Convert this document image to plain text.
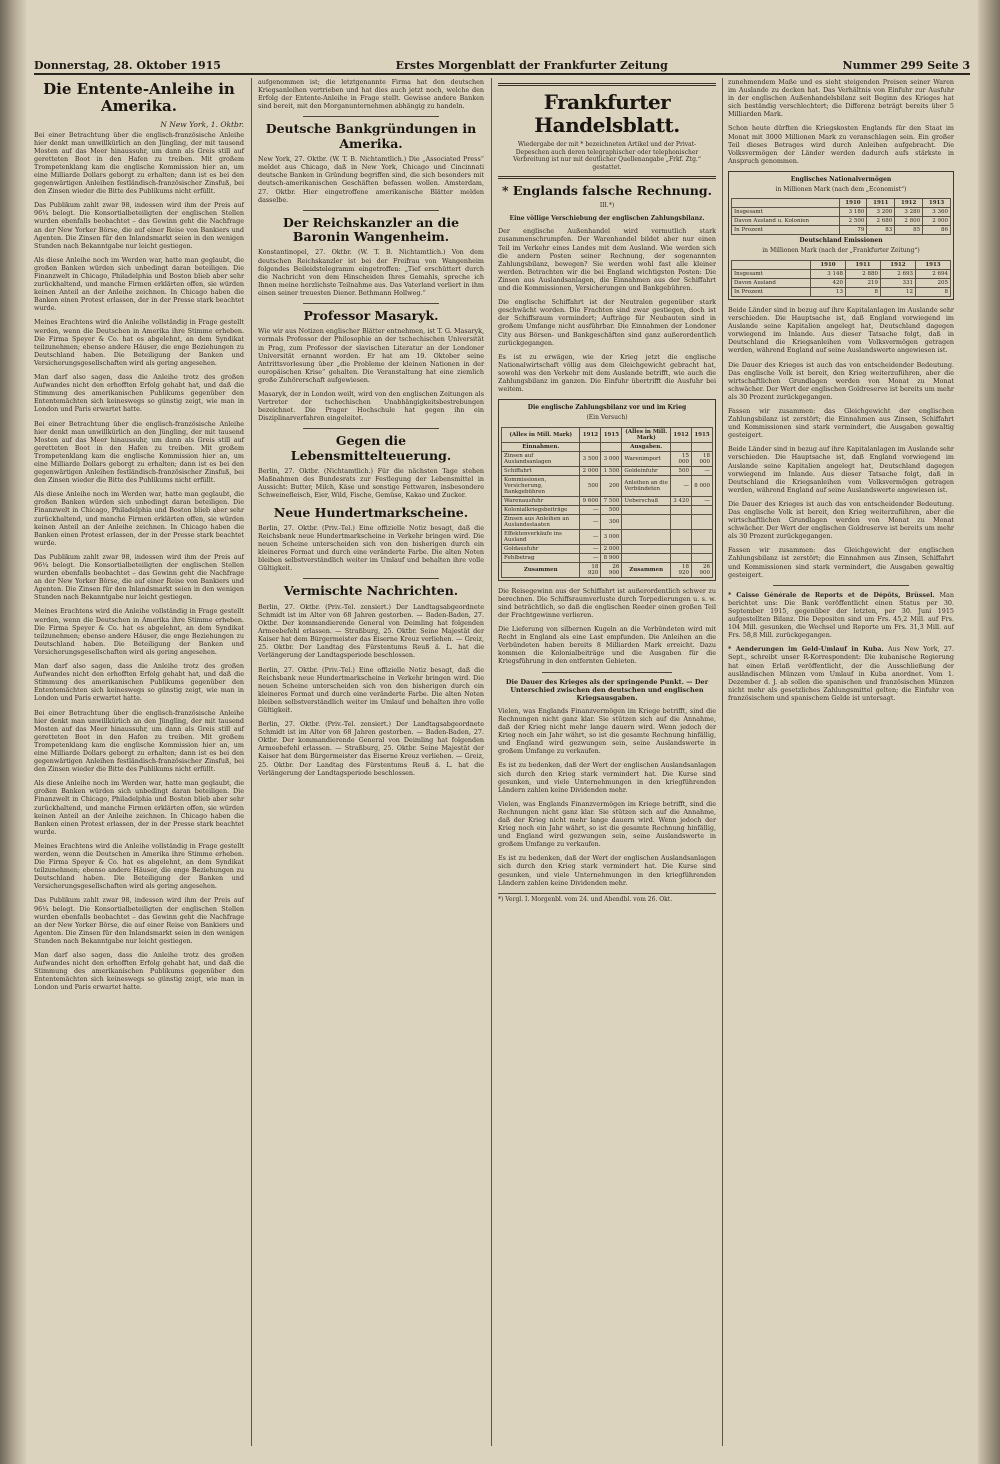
Donnerstag, 28. Oktober 1915	Erstes Morgenblatt der Frankfurter Zeitung	Nummer 299 Seite 3
Die Entente-Anleihe in Amerika.
N New York, 1. Oktbr.

Bei einer Betrachtung über die englisch-französische Anleihe hier denkt man unwillkürlich an den Jüngling, der mit tausend Mosten auf das Meer hinaussuhr, um dann als Greis still auf geretteten Boot in den Hafen zu treiben. Mit großem Trompetenklang kam die englische Kommission hier an, um eine Milliarde Dollars geborgt zu erhalten; dann ist es bei den gegenwärtigen Anleihen festländisch-französischer Zinsfuß, bei den Zinsen wieder die Bitte des Publikums nicht erfüllt.

Das Publikum zahlt zwar 98, indessen wird ihm der Preis auf 96¼ belegt. Die Konsortialbeteiligten der englischen Stellen wurden ebenfalls beobachtet – das Gewinn geht die Nachfrage an der New Yorker Börse, die auf einer Reise von Bankiers und Agenten. Die Zinsen für den Inlandsmarkt seien in den wenigen Stunden nach Bekanntgabe nur leicht gestiegen.

Als diese Anleihe noch im Werden war, hatte man geglaubt, die großen Banken würden sich unbedingt daran beteiligen. Die Finanzwelt in Chicago, Philadelphia und Boston blieb aber sehr zurückhaltend, und manche Firmen erklärten offen, sie würden keinen Anteil an der Anleihe zeichnen. In Chicago haben die Banken einen Protest erlassen, der in der Presse stark beachtet wurde.

Meines Erachtens wird die Anleihe vollständig in Frage gestellt werden, wenn die Deutschen in Amerika ihre Stimme erheben. Die Firma Speyer & Co. hat es abgelehnt, an dem Syndikat teilzunehmen; ebenso andere Häuser, die enge Beziehungen zu Deutschland haben. Die Beteiligung der Banken und Versicherungsgesellschaften wird als gering angesehen.

Man darf also sagen, dass die Anleihe trotz des großen Aufwandes nicht den erhofften Erfolg gehabt hat, und daß die Stimmung des amerikanischen Publikums gegenüber den Ententemächten sich keineswegs so günstig zeigt, wie man in London und Paris erwartet hatte.

Bei einer Betrachtung über die englisch-französische Anleihe hier denkt man unwillkürlich an den Jüngling, der mit tausend Mosten auf das Meer hinaussuhr, um dann als Greis still auf geretteten Boot in den Hafen zu treiben. Mit großem Trompetenklang kam die englische Kommission hier an, um eine Milliarde Dollars geborgt zu erhalten; dann ist es bei den gegenwärtigen Anleihen festländisch-französischer Zinsfuß, bei den Zinsen wieder die Bitte des Publikums nicht erfüllt.

Als diese Anleihe noch im Werden war, hatte man geglaubt, die großen Banken würden sich unbedingt daran beteiligen. Die Finanzwelt in Chicago, Philadelphia und Boston blieb aber sehr zurückhaltend, und manche Firmen erklärten offen, sie würden keinen Anteil an der Anleihe zeichnen. In Chicago haben die Banken einen Protest erlassen, der in der Presse stark beachtet wurde.

Das Publikum zahlt zwar 98, indessen wird ihm der Preis auf 96¼ belegt. Die Konsortialbeteiligten der englischen Stellen wurden ebenfalls beobachtet – das Gewinn geht die Nachfrage an der New Yorker Börse, die auf einer Reise von Bankiers und Agenten. Die Zinsen für den Inlandsmarkt seien in den wenigen Stunden nach Bekanntgabe nur leicht gestiegen.

Meines Erachtens wird die Anleihe vollständig in Frage gestellt werden, wenn die Deutschen in Amerika ihre Stimme erheben. Die Firma Speyer & Co. hat es abgelehnt, an dem Syndikat teilzunehmen; ebenso andere Häuser, die enge Beziehungen zu Deutschland haben. Die Beteiligung der Banken und Versicherungsgesellschaften wird als gering angesehen.

Man darf also sagen, dass die Anleihe trotz des großen Aufwandes nicht den erhofften Erfolg gehabt hat, und daß die Stimmung des amerikanischen Publikums gegenüber den Ententemächten sich keineswegs so günstig zeigt, wie man in London und Paris erwartet hatte.

Bei einer Betrachtung über die englisch-französische Anleihe hier denkt man unwillkürlich an den Jüngling, der mit tausend Mosten auf das Meer hinaussuhr, um dann als Greis still auf geretteten Boot in den Hafen zu treiben. Mit großem Trompetenklang kam die englische Kommission hier an, um eine Milliarde Dollars geborgt zu erhalten; dann ist es bei den gegenwärtigen Anleihen festländisch-französischer Zinsfuß, bei den Zinsen wieder die Bitte des Publikums nicht erfüllt.

Als diese Anleihe noch im Werden war, hatte man geglaubt, die großen Banken würden sich unbedingt daran beteiligen. Die Finanzwelt in Chicago, Philadelphia und Boston blieb aber sehr zurückhaltend, und manche Firmen erklärten offen, sie würden keinen Anteil an der Anleihe zeichnen. In Chicago haben die Banken einen Protest erlassen, der in der Presse stark beachtet wurde.

Meines Erachtens wird die Anleihe vollständig in Frage gestellt werden, wenn die Deutschen in Amerika ihre Stimme erheben. Die Firma Speyer & Co. hat es abgelehnt, an dem Syndikat teilzunehmen; ebenso andere Häuser, die enge Beziehungen zu Deutschland haben. Die Beteiligung der Banken und Versicherungsgesellschaften wird als gering angesehen.

Das Publikum zahlt zwar 98, indessen wird ihm der Preis auf 96¼ belegt. Die Konsortialbeteiligten der englischen Stellen wurden ebenfalls beobachtet – das Gewinn geht die Nachfrage an der New Yorker Börse, die auf einer Reise von Bankiers und Agenten. Die Zinsen für den Inlandsmarkt seien in den wenigen Stunden nach Bekanntgabe nur leicht gestiegen.

Man darf also sagen, dass die Anleihe trotz des großen Aufwandes nicht den erhofften Erfolg gehabt hat, und daß die Stimmung des amerikanischen Publikums gegenüber den Ententemächten sich keineswegs so günstig zeigt, wie man in London und Paris erwartet hatte.

aufgenommen ist; die letztgenannte Firma hat den deutschen Kriegsanleihen vertrieben und hat dies auch jetzt noch, welche den Erfolg der Entente-Anleihe in Frage stellt. Gewisse andere Banken sind bereit, mit den Morganunternehmen abhängig zu handeln.

Deutsche Bankgründungen in Amerika.

New York, 27. Oktbr. (W. T. B. Nichtamtlich.) Die „Associated Press“ meldet aus Chicago, daß in New York, Chicago und Cincinnati deutsche Banken in Gründung begriffen sind, die sich besonders mit deutsch-amerikanischen Geschäften befassen wollen. Amsterdam, 27. Oktbr. Hier eingetroffene amerikanische Blätter melden dasselbe.

Der Reichskanzler an die Baronin Wangenheim.

Konstantinopel, 27. Oktbr. (W. T. B. Nichtamtlich.) Von dem deutschen Reichskanzler ist bei der Freifrau von Wangenheim folgendes Beileidstelegramm eingetroffen: „Tief erschüttert durch die Nachricht von dem Hinscheiden Ihres Gemahls, spreche ich Ihnen meine herzlichste Teilnahme aus. Das Vaterland verliert in ihm einen seiner treuesten Diener. Bethmann Hollweg.“

Professor Masaryk.

Wie wir aus Notizen englischer Blätter entnehmen, ist T. G. Masaryk, vormals Professor der Philosophie an der tschechischen Universität in Prag, zum Professor der slavischen Literatur an der Londoner Universität ernannt worden. Er hat am 19. Oktober seine Antrittsvorlesung über „die Probleme der kleinen Nationen in der europäischen Krise“ gehalten. Die Veranstaltung hat eine ziemlich große Zuhörerschaft aufgewiesen.

Masaryk, der in London weilt, wird von den englischen Zeitungen als Vertreter der tschechischen Unabhängigkeitsbestrebungen bezeichnet. Die Prager Hochschule hat gegen ihn ein Disziplinarverfahren eingeleitet.

Gegen die Lebensmittelteuerung.

Berlin, 27. Oktbr. (Nichtamtlich.) Für die nächsten Tage stehen Maßnahmen des Bundesrats zur Festlegung der Lebensmittel in Aussicht: Butter, Milch, Käse und sonstige Fettwaren, insbesondere Schweinefleisch, Eier, Wild, Fische, Gemüse, Kakao und Zucker.

Neue Hundertmarkscheine.

Berlin, 27. Oktbr. (Priv.-Tel.) Eine offizielle Notiz besagt, daß die Reichsbank neue Hundertmarkscheine in Verkehr bringen wird. Die neuen Scheine unterscheiden sich von den bisherigen durch ein kleineres Format und durch eine veränderte Farbe. Die alten Noten bleiben selbstverständlich weiter im Umlauf und behalten ihre volle Gültigkeit.

Vermischte Nachrichten.

Berlin, 27. Oktbr. (Priv.-Tel. zensiert.) Der Landtagsabgeordnete Schmidt ist im Alter von 68 Jahren gestorben. — Baden-Baden, 27. Oktbr. Der kommandierende General von Deimling hat folgenden Armeebefehl erlassen. — Straßburg, 25. Oktbr. Seine Majestät der Kaiser hat dem Bürgermeister das Eiserne Kreuz verliehen. — Greiz, 25. Oktbr. Der Landtag des Fürstentums Reuß ä. L. hat die Verlängerung der Landtagsperiode beschlossen.

Berlin, 27. Oktbr. (Priv.-Tel.) Eine offizielle Notiz besagt, daß die Reichsbank neue Hundertmarkscheine in Verkehr bringen wird. Die neuen Scheine unterscheiden sich von den bisherigen durch ein kleineres Format und durch eine veränderte Farbe. Die alten Noten bleiben selbstverständlich weiter im Umlauf und behalten ihre volle Gültigkeit.

Berlin, 27. Oktbr. (Priv.-Tel. zensiert.) Der Landtagsabgeordnete Schmidt ist im Alter von 68 Jahren gestorben. — Baden-Baden, 27. Oktbr. Der kommandierende General von Deimling hat folgenden Armeebefehl erlassen. — Straßburg, 25. Oktbr. Seine Majestät der Kaiser hat dem Bürgermeister das Eiserne Kreuz verliehen. — Greiz, 25. Oktbr. Der Landtag des Fürstentums Reuß ä. L. hat die Verlängerung der Landtagsperiode beschlossen.

Frankfurter Handelsblatt.
Wiedergabe der mit * bezeichneten Artikel und der Privat-Depeschen auch deren telegraphischer oder telephonischer Verbreitung ist nur mit deutlicher Quellenangabe „Frkf. Ztg.“ gestattet.
* Englands falsche Rechnung.
III.*)
Eine völlige Verschiebung der englischen Zahlungsbilanz.

Der englische Außenhandel wird vermutlich stark zusammenschrumpfen. Der Warenhandel bildet aber nur einen Teil im Verkehr eines Landes mit dem Ausland. Wie werden sich die andern Posten seiner Rechnung, der sogenannten Zahlungsbilanz, bewegen? Sie werden wohl fast alle kleiner werden. Betrachten wir die bei England wichtigsten Posten: Die Zinsen aus Auslandsanlagen, die Einnahmen aus der Schiffahrt und die Kommissionen, Versicherungen und Bankgebühren.

Die englische Schiffahrt ist der Neutralen gegenüber stark geschwächt worden. Die Frachten sind zwar gestiegen, doch ist der Schiffsraum vermindert; Aufträge für Neubauten sind in großem Umfange nicht ausführbar. Die Einnahmen der Londoner City aus Börsen- und Bankgeschäften sind ganz außerordentlich zurückgegangen.

Es ist zu erwägen, wie der Krieg jetzt die englische Nationalwirtschaft völlig aus dem Gleichgewicht gebracht hat, sowohl was den Verkehr mit dem Auslande betrifft, wie auch die Zahlungsbilanz im ganzen. Die Einfuhr übertrifft die Ausfuhr bei weitem.

Die englische Zahlungsbilanz vor und im Krieg
(Ein Versuch)
(Alles in Mill. Mark)	1912	1915	(Alles in Mill. Mark)	1912	1915
Einnahmen.			Ausgaben.		
Zinsen auf Auslandsanlagen	3 500	3 000	Warenimport	15 000	18 000
Schiffahrt	2 000	1 500	Goldeinfuhr	500	—
Kommissionen, Versicherung, Bankgebühren	500	200	Anleihen an die Verbündeten	—	8 000
Warenausfuhr	9 600	7 500	Ueberschuß	3 420	—
Kolonialkriegsbeiträge	—	500			
Zinsen aus Anleihen an Auslandsstaaten	—	300			
Effektenverkäufe ins Ausland	—	3 000			
Goldausfuhr	—	2 000			
Fehlbetrag	—	8 900			
Zusammen	18 920	26 900	Zusammen	18 920	26 900

Die Reisegewinn aus der Schiffahrt ist außerordentlich schwer zu berechnen. Die Schiffsraumverluste durch Torpedierungen u. s. w. sind beträchtlich, so daß die englischen Reeder einen großen Teil der Frachtgewinne verlieren.

Die Lieferung von silbernen Kugeln an die Verbündeten wird mit Recht in England als eine Last empfunden. Die Anleihen an die Verbündeten haben bereits 8 Milliarden Mark erreicht. Dazu kommen die Kolonialbeiträge und die Ausgaben für die Kriegsführung in den entfernten Gebieten.

Die Dauer des Krieges als der springende Punkt. — Der Unterschied zwischen den deutschen und englischen Kriegsausgaben.

Vielen, was Englands Finanzvermögen im Kriege betrifft, sind die Rechnungen nicht ganz klar. Sie stützen sich auf die Annahme, daß der Krieg nicht mehr lange dauern wird. Wenn jedoch der Krieg noch ein Jahr währt, so ist die gesamte Rechnung hinfällig, und England wird gezwungen sein, seine Auslandswerte in großem Umfange zu verkaufen.

Es ist zu bedenken, daß der Wert der englischen Auslandsanlagen sich durch den Krieg stark vermindert hat. Die Kurse sind gesunken, und viele Unternehmungen in den kriegführenden Ländern zahlen keine Dividenden mehr.

Vielen, was Englands Finanzvermögen im Kriege betrifft, sind die Rechnungen nicht ganz klar. Sie stützen sich auf die Annahme, daß der Krieg nicht mehr lange dauern wird. Wenn jedoch der Krieg noch ein Jahr währt, so ist die gesamte Rechnung hinfällig, und England wird gezwungen sein, seine Auslandswerte in großem Umfange zu verkaufen.

Es ist zu bedenken, daß der Wert der englischen Auslandsanlagen sich durch den Krieg stark vermindert hat. Die Kurse sind gesunken, und viele Unternehmungen in den kriegführenden Ländern zahlen keine Dividenden mehr.

*) Vergl. I. Morgenbl. vom 24. und Abendbl. vom 26. Okt.

zunehmendem Maße und es sieht steigenden Preisen seiner Waren im Auslande zu decken hat. Das Verhältnis von Einfuhr zur Ausfuhr in der englischen Außenhandelsbilanz seit Beginn des Krieges hat sich beständig verschlechtert; die Differenz beträgt bereits über 5 Milliarden Mark.

Schon heute dürften die Kriegskosten Englands für den Staat im Monat mit 3000 Millionen Mark zu veranschlagen sein. Ein großer Teil dieses Betrages wird durch Anleihen aufgebracht. Die Volksvermögen der Länder werden dadurch aufs stärkste in Anspruch genommen.

Englisches Nationalvermögen
in Millionen Mark (nach dem „Economist“)
	1910	1911	1912	1913
Insgesamt	3 180	3 200	3 280	3 360
Davon Ausland u. Kolonien	2 500	2 680	2 800	2 900
In Prozent	79	83	85	86
Deutschland Emissionen
in Millionen Mark (nach der „Frankfurter Zeitung“)
	1910	1911	1912	1913
Insgesamt	3 148	2 880	2 693	2 694
Davon Ausland	420	219	331	205
In Prozent	13	8	12	8

Beide Länder sind in bezug auf ihre Kapitalanlagen im Auslande sehr verschieden. Die Hauptsache ist, daß England vorwiegend im Auslande seine Kapitalien angelegt hat, Deutschland dagegen vorwiegend im Inlande. Aus dieser Tatsache folgt, daß in Deutschland die Kriegsanleihen vom Volksvermögen getragen werden, während England auf seine Auslandswerte angewiesen ist.

Die Dauer des Krieges ist auch das von entscheidender Bedeutung. Das englische Volk ist bereit, den Krieg weiterzuführen, aber die wirtschaftlichen Grundlagen werden von Monat zu Monat schwächer. Der Wert der englischen Goldreserve ist bereits um mehr als 30 Prozent zurückgegangen.

Fassen wir zusammen: das Gleichgewicht der englischen Zahlungsbilanz ist zerstört; die Einnahmen aus Zinsen, Schiffahrt und Kommissionen sind stark vermindert, die Ausgaben gewaltig gesteigert.

Beide Länder sind in bezug auf ihre Kapitalanlagen im Auslande sehr verschieden. Die Hauptsache ist, daß England vorwiegend im Auslande seine Kapitalien angelegt hat, Deutschland dagegen vorwiegend im Inlande. Aus dieser Tatsache folgt, daß in Deutschland die Kriegsanleihen vom Volksvermögen getragen werden, während England auf seine Auslandswerte angewiesen ist.

Die Dauer des Krieges ist auch das von entscheidender Bedeutung. Das englische Volk ist bereit, den Krieg weiterzuführen, aber die wirtschaftlichen Grundlagen werden von Monat zu Monat schwächer. Der Wert der englischen Goldreserve ist bereits um mehr als 30 Prozent zurückgegangen.

Fassen wir zusammen: das Gleichgewicht der englischen Zahlungsbilanz ist zerstört; die Einnahmen aus Zinsen, Schiffahrt und Kommissionen sind stark vermindert, die Ausgaben gewaltig gesteigert.

* Caisse Générale de Reports et de Dépôts, Brüssel. Man berichtet uns: Die Bank veröffentlicht einen Status per 30. September 1915, gegenüber der letzten, per 30. Juni 1915 aufgestellten Bilanz. Die Depositen sind um Frs. 45,2 Mill. auf Frs. 104 Mill. gesunken, die Wechsel und Reporte um Frs. 31,3 Mill. auf Frs. 58,8 Mill. zurückgegangen.

* Aenderungen im Geld-Umlauf in Kuba. Aus New York, 27. Sept., schreibt unser R-Korrespondent: Die kubanische Regierung hat einen Erlaß veröffentlicht, der die Ausschließung der ausländischen Münzen vom Umlauf in Kuba anordnet. Vom 1. Dezember d. J. ab sollen die spanischen und französischen Münzen nicht mehr als gesetzliches Zahlungsmittel gelten; die Einfuhr von französischem und spanischem Gelde ist untersagt.
